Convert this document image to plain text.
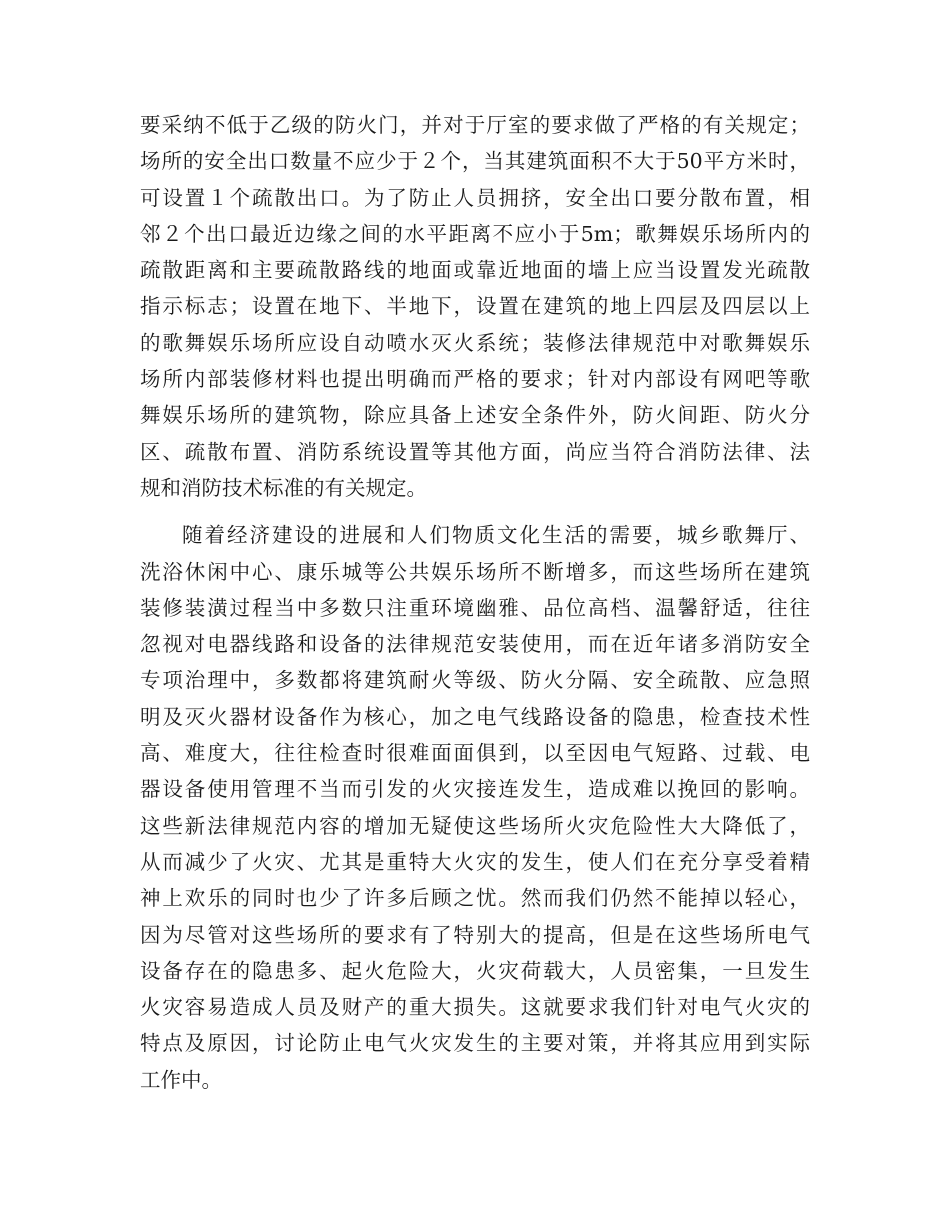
要采纳不低于乙级的防火门，并对于厅室的要求做了严格的有关规定；
场所的安全出口数量不应少于２个，当其建筑面积不大于50平方米时，
可设置１个疏散出口。为了防止人员拥挤，安全出口要分散布置，相
邻２个出口最近边缘之间的水平距离不应小于5m；歌舞娱乐场所内的
疏散距离和主要疏散路线的地面或靠近地面的墙上应当设置发光疏散
指示标志；设置在地下、半地下，设置在建筑的地上四层及四层以上
的歌舞娱乐场所应设自动喷水灭火系统；装修法律规范中对歌舞娱乐
场所内部装修材料也提出明确而严格的要求；针对内部设有网吧等歌
舞娱乐场所的建筑物，除应具备上述安全条件外，防火间距、防火分
区、疏散布置、消防系统设置等其他方面，尚应当符合消防法律、法
规和消防技术标准的有关规定。
随着经济建设的进展和人们物质文化生活的需要，城乡歌舞厅、
洗浴休闲中心、康乐城等公共娱乐场所不断增多，而这些场所在建筑
装修装潢过程当中多数只注重环境幽雅、品位高档、温馨舒适，往往
忽视对电器线路和设备的法律规范安装使用，而在近年诸多消防安全
专项治理中，多数都将建筑耐火等级、防火分隔、安全疏散、应急照
明及灭火器材设备作为核心，加之电气线路设备的隐患，检查技术性
高、难度大，往往检查时很难面面俱到，以至因电气短路、过载、电
器设备使用管理不当而引发的火灾接连发生，造成难以挽回的影响。
这些新法律规范内容的增加无疑使这些场所火灾危险性大大降低了，
从而减少了火灾、尤其是重特大火灾的发生，使人们在充分享受着精
神上欢乐的同时也少了许多后顾之忧。然而我们仍然不能掉以轻心，
因为尽管对这些场所的要求有了特别大的提高，但是在这些场所电气
设备存在的隐患多、起火危险大，火灾荷载大，人员密集，一旦发生
火灾容易造成人员及财产的重大损失。这就要求我们针对电气火灾的
特点及原因，讨论防止电气火灾发生的主要对策，并将其应用到实际
工作中。
